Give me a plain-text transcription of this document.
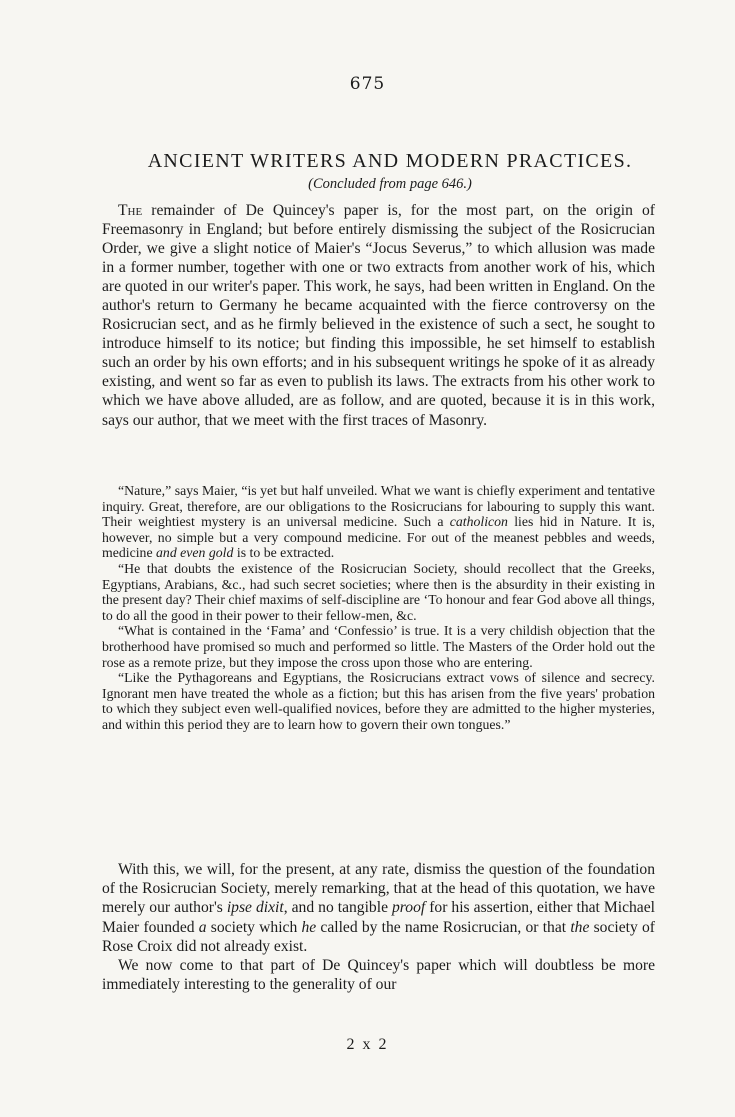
675
ANCIENT WRITERS AND MODERN PRACTICES.
(Concluded from page 646.)

The remainder of De Quincey's paper is, for the most part, on the origin of Freemasonry in England; but before entirely dismissing the subject of the Rosicrucian Order, we give a slight notice of Maier's “Jocus Severus,” to which allusion was made in a former number, together with one or two extracts from another work of his, which are quoted in our writer's paper. This work, he says, had been written in England. On the author's return to Germany he became acquainted with the fierce controversy on the Rosicrucian sect, and as he firmly believed in the existence of such a sect, he sought to introduce himself to its notice; but finding this impossible, he set himself to establish such an order by his own efforts; and in his subsequent writings he spoke of it as already existing, and went so far as even to publish its laws. The extracts from his other work to which we have above alluded, are as follow, and are quoted, because it is in this work, says our author, that we meet with the first traces of Masonry.

“Nature,” says Maier, “is yet but half unveiled. What we want is chiefly experiment and tentative inquiry. Great, therefore, are our obligations to the Rosicrucians for labouring to supply this want. Their weightiest mystery is an universal medicine. Such a catholicon lies hid in Nature. It is, however, no simple but a very compound medicine. For out of the meanest pebbles and weeds, medicine and even gold is to be extracted.

“He that doubts the existence of the Rosicrucian Society, should recollect that the Greeks, Egyptians, Arabians, &c., had such secret societies; where then is the absurdity in their existing in the present day? Their chief maxims of self-discipline are ‘To honour and fear God above all things, to do all the good in their power to their fellow-men, &c.

“What is contained in the ‘Fama’ and ‘Confessio’ is true. It is a very childish objection that the brotherhood have promised so much and performed so little. The Masters of the Order hold out the rose as a remote prize, but they impose the cross upon those who are entering.

“Like the Pythagoreans and Egyptians, the Rosicrucians extract vows of silence and secrecy. Ignorant men have treated the whole as a fiction; but this has arisen from the five years' probation to which they subject even well-qualified novices, before they are admitted to the higher mysteries, and within this period they are to learn how to govern their own tongues.”

With this, we will, for the present, at any rate, dismiss the question of the foundation of the Rosicrucian Society, merely remarking, that at the head of this quotation, we have merely our author's ipse dixit, and no tangible proof for his assertion, either that Michael Maier founded a society which he called by the name Rosicrucian, or that the society of Rose Croix did not already exist.

We now come to that part of De Quincey's paper which will doubtless be more immediately interesting to the generality of our

2 x 2
